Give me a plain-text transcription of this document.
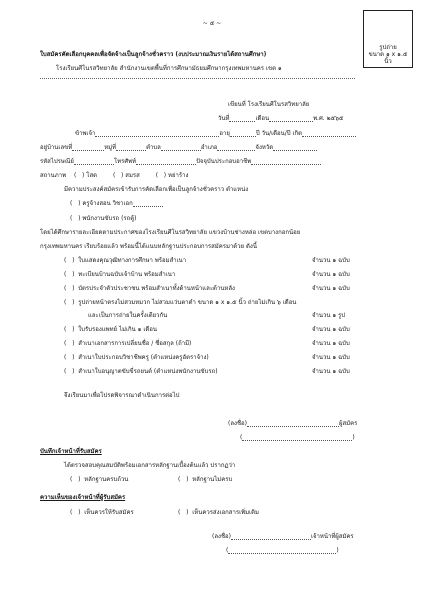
~ ๕ ~
รูปถ่าย
ขนาด ๑ x ๑.๕
นิ้ว
ใบสมัครคัดเลือกบุคคลเพื่อจัดจ้างเป็นลูกจ้างชั่วคราว (งบประมาณเงินรายได้สถานศึกษา)
โรงเรียนศีโนรสวิทยาลัย สำนักงานเขตพื้นที่การศึกษามัธยมศึกษากรุงเทพมหานคร เขต ๑
เขียนที่ โรงเรียนศีโนรสวิทยาลัย
วันที่	เดือน	พ.ศ. ๒๕๖๕
ข้าพเจ้า	อายุ	ปี วัน/เดือน/ปี เกิด
อยู่บ้านเลขที่	หมู่ที่	ตำบล	อำเภอ	จังหวัด
รหัสไปรษณีย์	โทรศัพท์	ปัจจุบันประกอบอาชีพ
สถานภาพ (   ) โสด	(   ) สมรส	(   ) หย่าร้าง
มีความประสงค์สมัครเข้ารับการคัดเลือกเพื่อเป็นลูกจ้างชั่วคราว ตำแหน่ง
(   ) ครูจ้างสอน วิชาเอก
(   ) พนักงานขับรถ (รถตู้)
โดยได้ศึกษารายละเอียดตามประกาศของโรงเรียนศีโนรสวิทยาลัย แขวงบ้านช่างหล่อ เขตบางกอกน้อย
กรุงเทพมหานคร เรียบร้อยแล้ว พร้อมนี้ได้แนบหลักฐานประกอบการสมัครมาด้วย ดังนี้
(   )  ใบแสดงคุณวุฒิทางการศึกษา พร้อมสำเนา	จำนวน ๑ ฉบับ
(   )  ทะเบียนบ้านฉบับเจ้าบ้าน พร้อมสำเนา	จำนวน ๑ ฉบับ
(   )  บัตรประจำตัวประชาชน พร้อมสำเนาทั้งด้านหน้าและด้านหลัง	จำนวน ๑ ฉบับ
(   )  รูปถ่ายหน้าตรงไม่สวมหมวก ไม่สวมแว่นตาดำ ขนาด ๑ x ๑.๕ นิ้ว ถ่ายไม่เกิน ๖ เดือน
และเป็นการถ่ายในครั้งเดียวกัน	จำนวน ๑ รูป
(   )  ใบรับรองแพทย์ ไม่เกิน ๑ เดือน	จำนวน ๑ ฉบับ
(   )  สำเนาเอกสารการเปลี่ยนชื่อ / ชื่อสกุล (ถ้ามี)	จำนวน ๑ ฉบับ
(   )  สำเนาใบประกอบวิชาชีพครู (ตำแหน่งครูอัตราจ้าง)	จำนวน ๑ ฉบับ
(   )  สำเนาใบอนุญาตขับขี่รถยนต์ (ตำแหน่งพนักงานขับรถ)	จำนวน ๑ ฉบับ
จึงเรียนมาเพื่อโปรดพิจารณาดำเนินการต่อไป
(ลงชื่อ)	ผู้สมัคร
(	)
บันทึกเจ้าหน้าที่รับสมัคร
ได้ตรวจสอบคุณสมบัติพร้อมเอกสารหลักฐานเบื้องต้นแล้ว ปรากฏว่า
(   )  หลักฐานครบถ้วน	(   )  หลักฐานไม่ครบ
ความเห็นของเจ้าหน้าที่ผู้รับสมัคร
(   )  เห็นควรให้รับสมัคร	(   )  เห็นควรส่งเอกสารเพิ่มเติม
(ลงชื่อ)	เจ้าหน้าที่ผู้สมัคร
(	)
